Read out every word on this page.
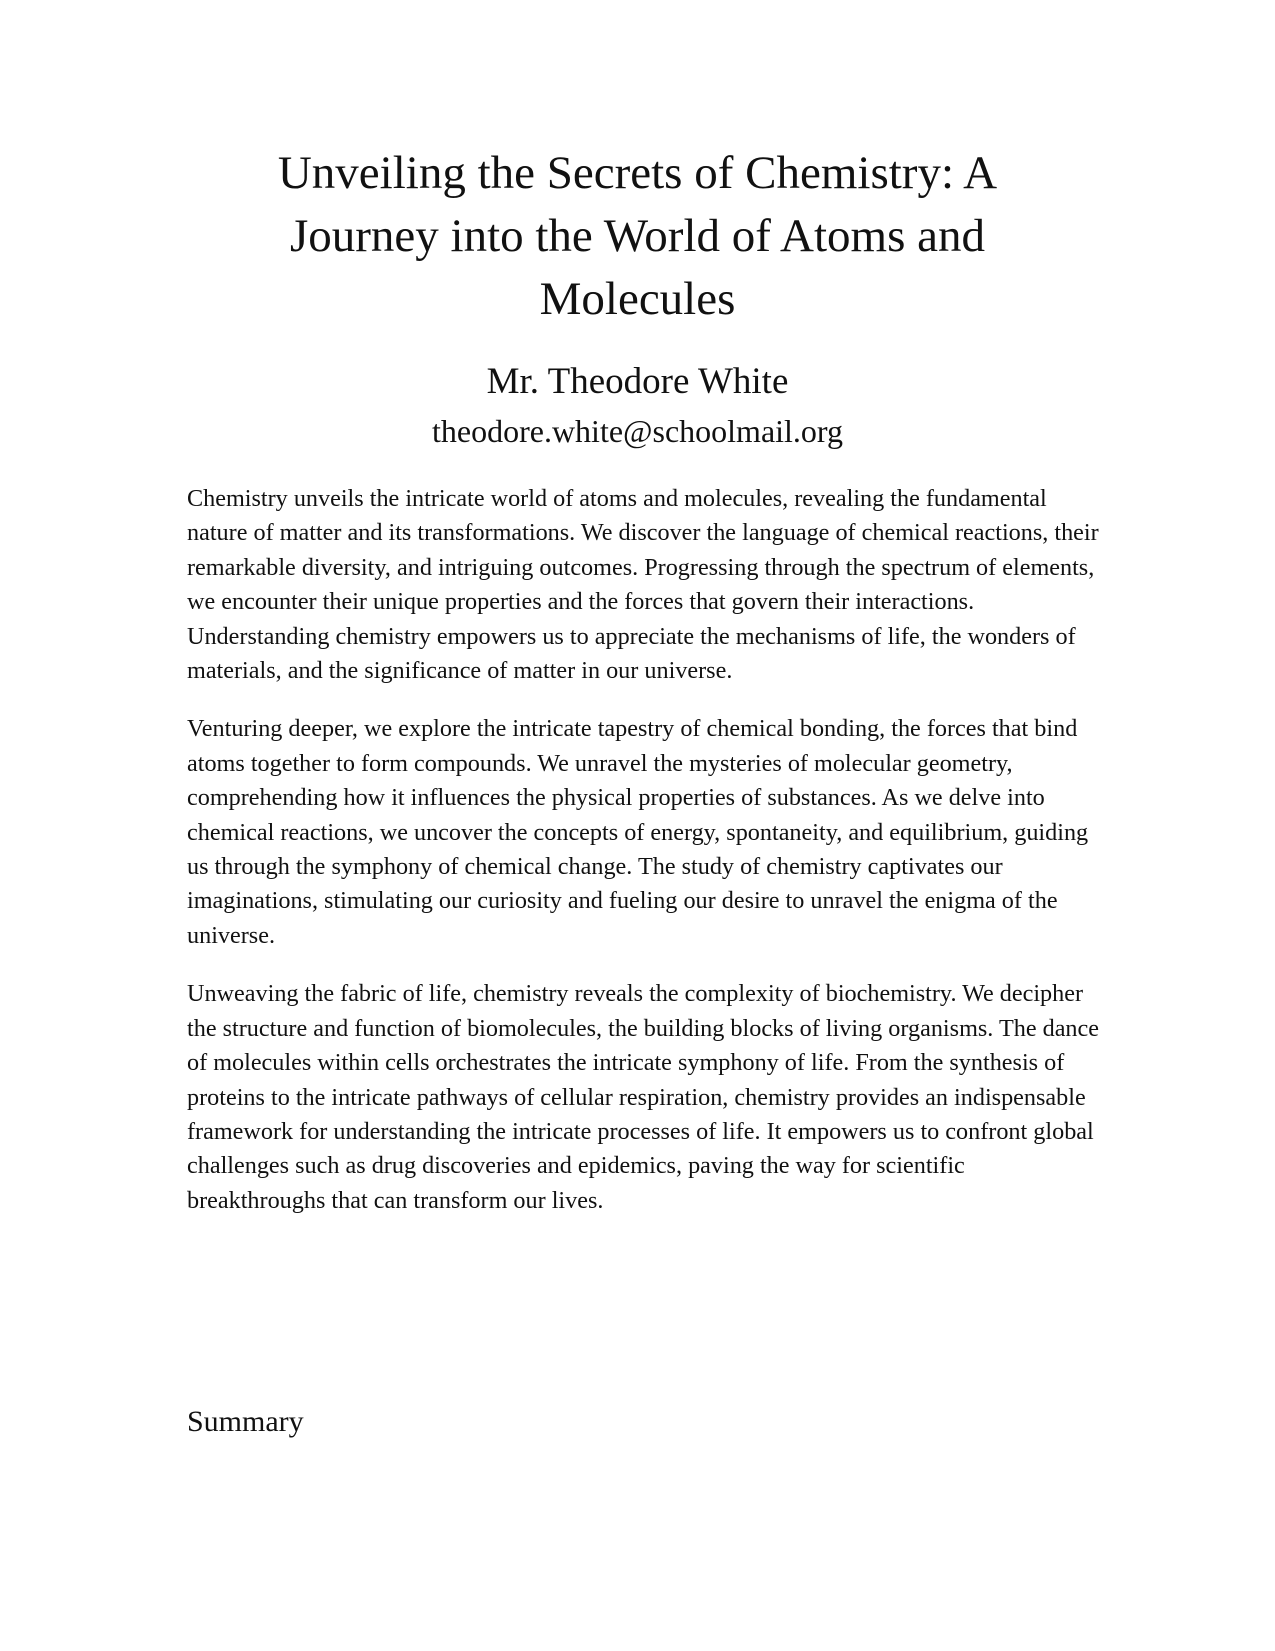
Unveiling the Secrets of Chemistry: A Journey into the World of Atoms and Molecules
Mr. Theodore White
theodore.white@schoolmail.org

Chemistry unveils the intricate world of atoms and molecules, revealing the fundamental nature of matter and its transformations. We discover the language of chemical reactions, their remarkable diversity, and intriguing outcomes. Progressing through the spectrum of elements, we encounter their unique properties and the forces that govern their interactions. Understanding chemistry empowers us to appreciate the mechanisms of life, the wonders of materials, and the significance of matter in our universe.

Venturing deeper, we explore the intricate tapestry of chemical bonding, the forces that bind atoms together to form compounds. We unravel the mysteries of molecular geometry, comprehending how it influences the physical properties of substances. As we delve into chemical reactions, we uncover the concepts of energy, spontaneity, and equilibrium, guiding us through the symphony of chemical change. The study of chemistry captivates our imaginations, stimulating our curiosity and fueling our desire to unravel the enigma of the universe.

Unweaving the fabric of life, chemistry reveals the complexity of biochemistry. We decipher the structure and function of biomolecules, the building blocks of living organisms. The dance of molecules within cells orchestrates the intricate symphony of life. From the synthesis of proteins to the intricate pathways of cellular respiration, chemistry provides an indispensable framework for understanding the intricate processes of life. It empowers us to confront global challenges such as drug discoveries and epidemics, paving the way for scientific breakthroughs that can transform our lives.

Summary
